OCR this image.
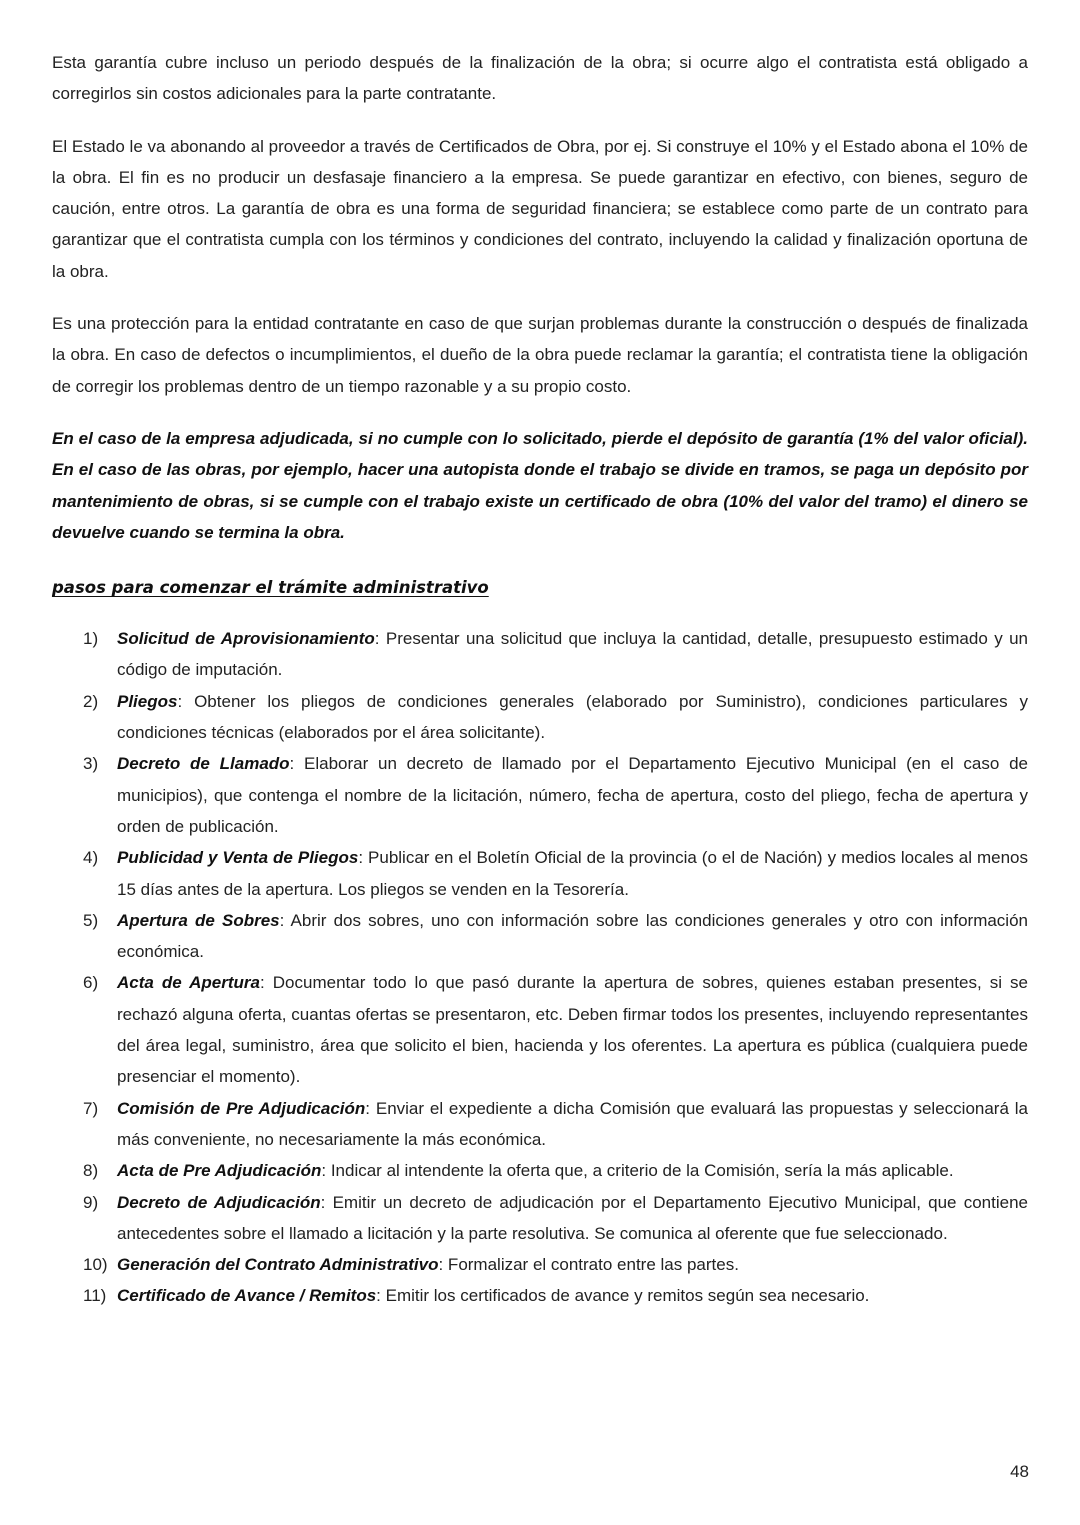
Esta garantía cubre incluso un periodo después de la finalización de la obra; si ocurre algo el contratista está obligado a corregirlos sin costos adicionales para la parte contratante.

El Estado le va abonando al proveedor a través de Certificados de Obra, por ej. Si construye el 10% y el Estado abona el 10% de la obra. El fin es no producir un desfasaje financiero a la empresa. Se puede garantizar en efectivo, con bienes, seguro de caución, entre otros. La garantía de obra es una forma de seguridad financiera; se establece como parte de un contrato para garantizar que el contratista cumpla con los términos y condiciones del contrato, incluyendo la calidad y finalización oportuna de la obra.

Es una protección para la entidad contratante en caso de que surjan problemas durante la construcción o después de finalizada la obra. En caso de defectos o incumplimientos, el dueño de la obra puede reclamar la garantía; el contratista tiene la obligación de corregir los problemas dentro de un tiempo razonable y a su propio costo.

En el caso de la empresa adjudicada, si no cumple con lo solicitado, pierde el depósito de garantía (1% del valor oficial). En el caso de las obras, por ejemplo, hacer una autopista donde el trabajo se divide en tramos, se paga un depósito por mantenimiento de obras, si se cumple con el trabajo existe un certificado de obra (10% del valor del tramo) el dinero se devuelve cuando se termina la obra.

pasos para comenzar el trámite administrativo
1)	Solicitud de Aprovisionamiento: Presentar una solicitud que incluya la cantidad, detalle, presupuesto estimado y un código de imputación.
2)	Pliegos: Obtener los pliegos de condiciones generales (elaborado por Suministro), condiciones particulares y condiciones técnicas (elaborados por el área solicitante).
3)	Decreto de Llamado: Elaborar un decreto de llamado por el Departamento Ejecutivo Municipal (en el caso de municipios), que contenga el nombre de la licitación, número, fecha de apertura, costo del pliego, fecha de apertura y orden de publicación.
4)	Publicidad y Venta de Pliegos: Publicar en el Boletín Oficial de la provincia (o el de Nación) y medios locales al menos 15 días antes de la apertura. Los pliegos se venden en la Tesorería.
5)	Apertura de Sobres: Abrir dos sobres, uno con información sobre las condiciones generales y otro con información económica.
6)	Acta de Apertura: Documentar todo lo que pasó durante la apertura de sobres, quienes estaban presentes, si se rechazó alguna oferta, cuantas ofertas se presentaron, etc. Deben firmar todos los presentes, incluyendo representantes del área legal, suministro, área que solicito el bien, hacienda y los oferentes. La apertura es pública (cualquiera puede presenciar el momento).
7)	Comisión de Pre Adjudicación: Enviar el expediente a dicha Comisión que evaluará las propuestas y seleccionará la más conveniente, no necesariamente la más económica.
8)	Acta de Pre Adjudicación: Indicar al intendente la oferta que, a criterio de la Comisión, sería la más aplicable.
9)	Decreto de Adjudicación: Emitir un decreto de adjudicación por el Departamento Ejecutivo Municipal, que contiene antecedentes sobre el llamado a licitación y la parte resolutiva. Se comunica al oferente que fue seleccionado.
10) Generación del Contrato Administrativo: Formalizar el contrato entre las partes.
11) Certificado de Avance / Remitos: Emitir los certificados de avance y remitos según sea necesario.
48
